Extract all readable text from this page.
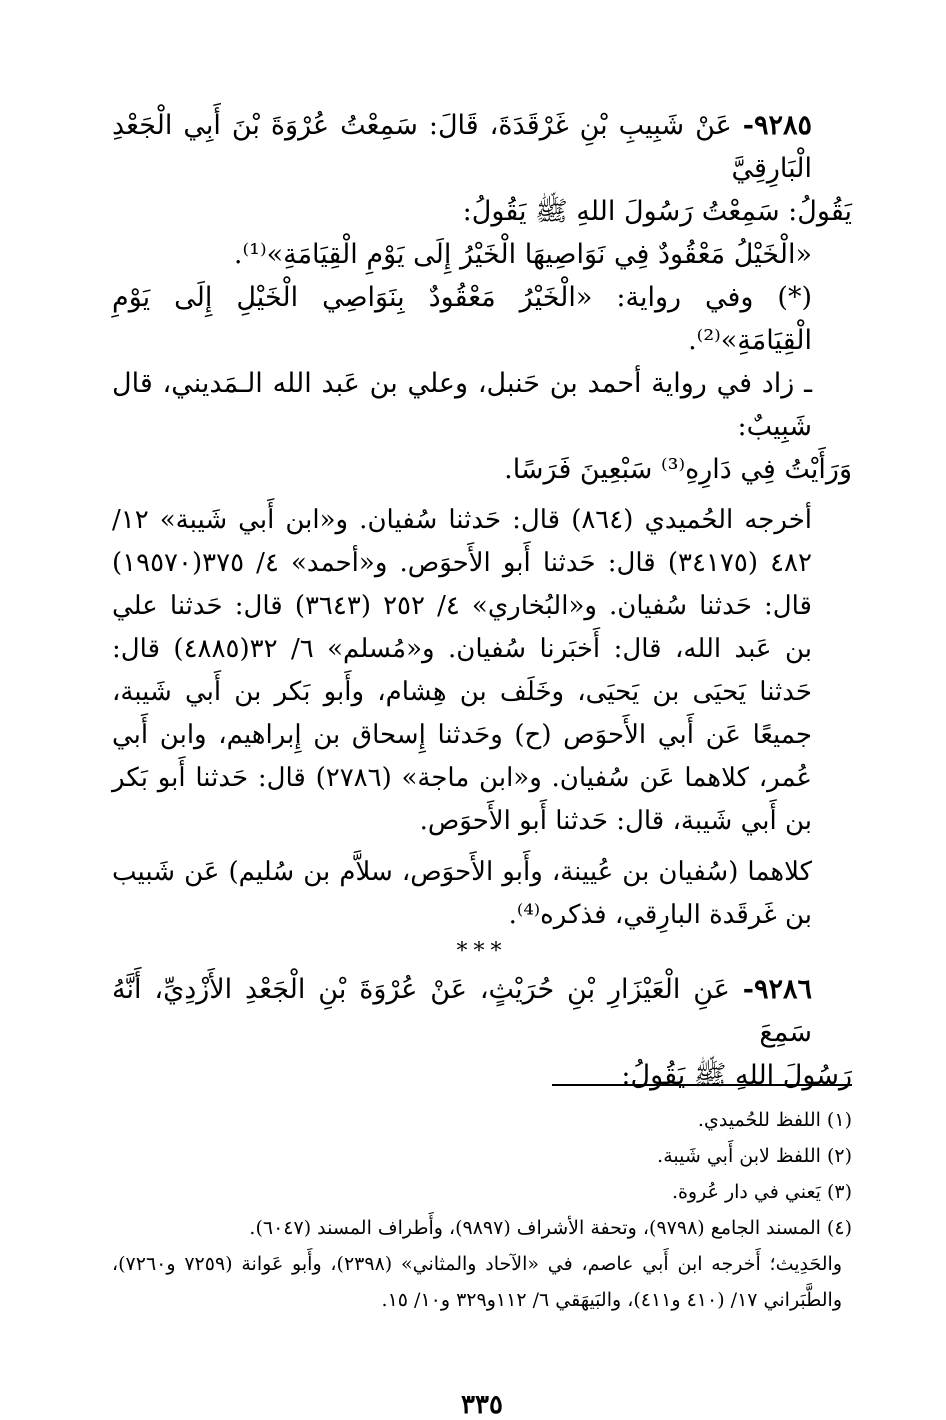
٩٢٨٥- عَنْ شَبِيبِ بْنِ غَرْقَدَةَ، قَالَ: سَمِعْتُ عُرْوَةَ بْنَ أَبِي الْجَعْدِ الْبَارِقِيَّ

يَقُولُ: سَمِعْتُ رَسُولَ اللهِ ﷺ يَقُولُ:

«الْخَيْلُ مَعْقُودٌ فِي نَوَاصِيهَا الْخَيْرُ إِلَى يَوْمِ الْقِيَامَةِ»⁽¹⁾.

(*) وفي رواية: «الْخَيْرُ مَعْقُودٌ بِنَوَاصِي الْخَيْلِ إِلَى يَوْمِ الْقِيَامَةِ»⁽²⁾.

ـ زاد في رواية أحمد بن حَنبل، وعلي بن عَبد الله الـمَديني، قال شَبِيبٌ:

وَرَأَيْتُ فِي دَارِهِ⁽³⁾ سَبْعِينَ فَرَسًا.

أخرجه الحُميدي (٨٦٤) قال: حَدثنا سُفيان. و«ابن أَبي شَيبة» ١٢/ ٤٨٢ (٣٤١٧٥) قال: حَدثنا أَبو الأَحوَص. و«أحمد» ٤/ ٣٧٥(١٩٥٧٠) قال: حَدثنا سُفيان. و«البُخاري» ٤/ ٢٥٢ (٣٦٤٣) قال: حَدثنا علي بن عَبد الله، قال: أَخبَرنا سُفيان. و«مُسلم» ٦/ ٣٢(٤٨٨٥) قال: حَدثنا يَحيَى بن يَحيَى، وخَلَف بن هِشام، وأَبو بَكر بن أَبي شَيبة، جميعًا عَن أَبي الأَحوَص (ح) وحَدثنا إِسحاق بن إِبراهيم، وابن أَبي عُمر، كلاهما عَن سُفيان. و«ابن ماجة» (٢٧٨٦) قال: حَدثنا أَبو بَكر بن أَبي شَيبة، قال: حَدثنا أَبو الأَحوَص.

كلاهما (سُفيان بن عُيينة، وأَبو الأَحوَص، سلاَّم بن سُليم) عَن شَبيب بن غَرقَدة البارِقي، فذكره⁽⁴⁾.

***

٩٢٨٦- عَنِ الْعَيْزَارِ بْنِ حُرَيْثٍ، عَنْ عُرْوَةَ بْنِ الْجَعْدِ الأَزْدِيِّ، أَنَّهُ سَمِعَ

رَسُولَ اللهِ ﷺ يَقُولُ:

(١) اللفظ للحُميدي.

(٢) اللفظ لابن أَبي شَيبة.

(٣) يَعني في دار عُروة.

(٤) المسند الجامع (٩٧٩٨)، وتحفة الأشراف (٩٨٩٧)، وأَطراف المسند (٦٠٤٧).

والحَدِيث؛ أَخرجه ابن أَبي عاصم، في «الآحاد والمثاني» (٢٣٩٨)، وأَبو عَوانة (٧٢٥٩ و٧٢٦٠)، والطَّبَراني ١٧/ (٤١٠ و٤١١)، والبَيهَقي ٦/ ١١٢و٣٢٩ و١٠/ ١٥.

٣٣٥
